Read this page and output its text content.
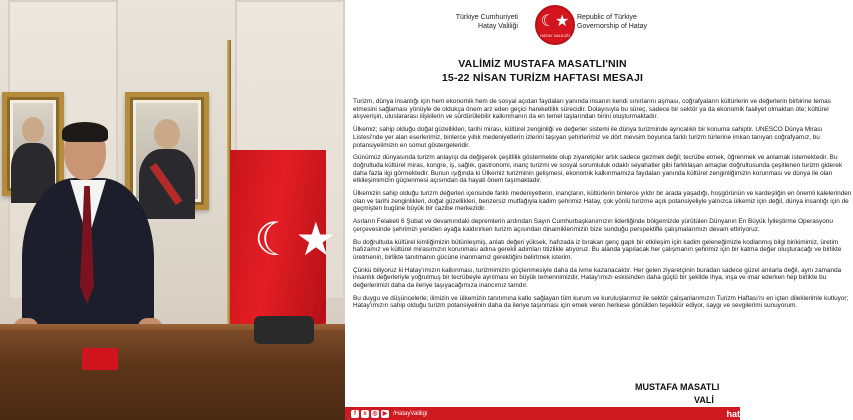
☾★
Türkiye Cumhuriyeti
Hatay Valiliği ☾★
HATAY VALİLİĞİ
Republic of Türkiye
Governorship of Hatay
VALİMİZ MUSTAFA MASATLI'NIN
15-22 NİSAN TURİZM HAFTASI MESAJI

Turizm, dünya insanlığı için hem ekonomik hem de sosyal açıdan faydaları yanında insanın kendi sınırlarını aşması, coğrafyaların kültürlerin ve değerlerin birbirine temas etmesini sağlaması yönüyle de oldukça önem arz eden geçici hareketlilik sürecidir. Dolayısıyla bu süreç, sadece bir sektör ya da ekonomik faaliyet olmaktan öte; kültürel alışverişin, uluslararası ilişkilerin ve sürdürülebilir kalkınmanın da en temel taşlarından birini oluşturmaktadır.

Ülkemiz; sahip olduğu doğal güzellikleri, tarihi mirası, kültürel zenginliği ve değerler sistemi ile dünya turizminde ayrıcalıklı bir konuma sahiptir. UNESCO Dünya Mirası Listesi'nde yer alan eserlerimiz, binlerce yıllık medeniyetlerin izlerini taşıyan şehirlerimiz ve dört mevsim boyunca farklı turizm türlerine imkan tanıyan coğrafyamız, bu potansiyelimizin en somut göstergeleridir.

Günümüz dünyasında turizm anlayışı da değişerek çeşitlilik göstermekte olup ziyaretçiler artık sadece gezmek değil; tecrübe etmek, öğrenmek ve anlamak istemektedir. Bu doğrultuda kültürel miras, kongre, iş, sağlık, gastronomi, inanç turizmi ve sosyal sorumluluk odaklı seyahatler gibi farklılaşan amaçlar doğrultusunda çeşitlenen turizm giderek daha fazla ilgi görmektedir. Bunun ışığında ki Ülkemiz turizminin gelişmesi, ekonomik kalkınmamıza faydaları yanında kültürel zenginliğimizin korunması ve dünya ile olan etkileşimimizin güçlenmesi açısından da hayati önem taşımaktadır.

Ülkemizin sahip olduğu turizm değerleri içerisinde farklı medeniyetlerin, inançların, kültürlerin binlerce yıldır bir arada yaşadığı, hoşgörünün ve kardeşliğin en önemli kalelerinden olan ve tarihi zenginlikleri, doğal güzellikleri, benzersiz mutfağıyla kadim şehrimiz Hatay, çok yönlü turizme açık potansiyeliyle yalnızca ülkemiz için değil, dünya insanlığı için de geçmişten bugüne büyük bir cazibe merkezidir.

Asrların Felaketi 6 Şubat ve devamındaki depremlerin ardından Sayın Cumhurbaşkanımızın liderliğinde bölgemizde yürütülen Dünyanın En Büyük İyileştirme Operasyonu çerçevesinde şehrimizi yeniden ayağa kaldırırken turizm açısından dinamiklerimizin bize sunduğu perspektifle çalışmalarımızı devam ettiriyoruz.

Bu doğrultuda kültürel kimliğimizin bütünleşmiş, anlatı değeri yüksek, hafızada iz bırakan genç gaplı bir etkileşim için kadim geleneğimizle kodlanmış bilgi birikimimiz, üretim hafızamız ve kültürel mirasımızın korunması adına gerekli adımları titizlikle atıyoruz. Bu alanda yapılacak her çalışmanın şehrimiz için bir katma değer oluşturacağı ve birlikte üretmenin, birlikte tanıtmanın gücüne inanmamız gerektiğini belirtmek isterim.

Çünkü biliyoruz ki Hatay'ımızın kalkınması, turizmimizin güçlenmesiyle daha da ivme kazanacaktır. Her gelen ziyaretçinin buradan sadece güzel anılarla değil, aynı zamanda insanlık değerleriyle yoğrulmuş bir tecrübeyle ayrılması en büyük temennimizdir. Hatay'ımızı eskisinden daha güçlü bir şekilde ihya, inşa ve imar ederken hep birlikte bu değerlerimizi daha da ileriye taşıyacağımıza inancımız tamdır.

Bu duygu ve düşüncelerle; ilimizin ve ülkemizin tanıtımına katkı sağlayan tüm kurum ve kuruluşlarımız ile sektör çalışanlarımızın Turizm Haftası'nı en içten dileklerimle kutluyor; Hatay'ımızın sahip olduğu turizm potansiyelinin daha da ileriye taşınması için emek veren herkese gönülden teşekkür ediyor, saygı ve sevgilerimi sunuyorum.

MUSTAFA MASATLI
VALİ
f	x ◎ ▶ /HatayValiligi	hatay
